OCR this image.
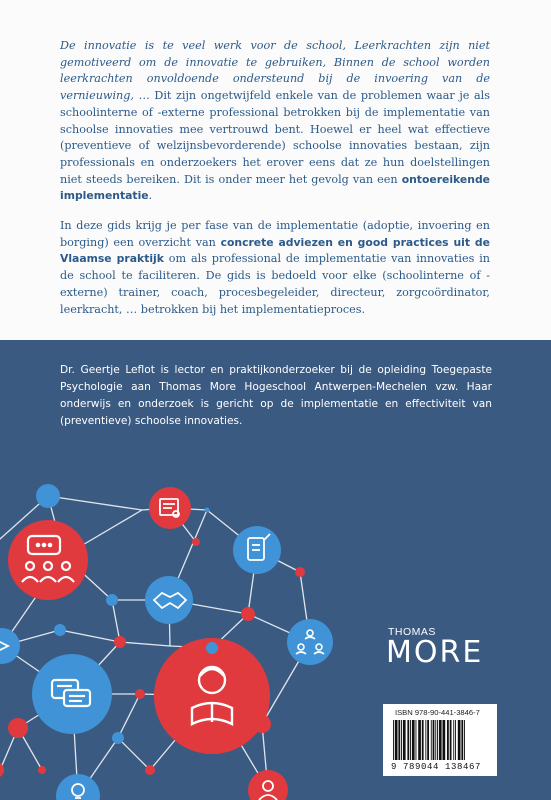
De innovatie is te veel werk voor de school, Leerkrachten zijn niet gemotiveerd om de innovatie te gebruiken, Binnen de school worden leerkrachten onvoldoende ondersteund bij de invoering van de vernieuwing, … Dit zijn ongetwijfeld enkele van de problemen waar je als schoolinterne of -externe professional betrokken bij de implementatie van schoolse innovaties mee vertrouwd bent. Hoewel er heel wat effectieve (preventieve of welzijnsbevorderende) schoolse innovaties bestaan, zijn professionals en onderzoekers het erover eens dat ze hun doelstellingen niet steeds bereiken. Dit is onder meer het gevolg van een ontoereikende implementatie.

In deze gids krijg je per fase van de implementatie (adoptie, invoering en borging) een overzicht van concrete adviezen en good practices uit de Vlaamse praktijk om als professional de implementatie van innovaties in de school te faciliteren. De gids is bedoeld voor elke (schoolinterne of -externe) trainer, coach, procesbegeleider, directeur, zorgcoördinator, leerkracht, … betrokken bij het implementatieproces.

Dr. Geertje Leflot is lector en praktijkonderzoeker bij de opleiding Toegepaste Psychologie aan Thomas More Hogeschool Antwerpen-Mechelen vzw. Haar onderwijs en onderzoek is gericht op de implementatie en effectiviteit van (preventieve) schoolse innovaties.

THOMAS
MORE
ISBN 978-90-441-3846-7
9 789044 138467
